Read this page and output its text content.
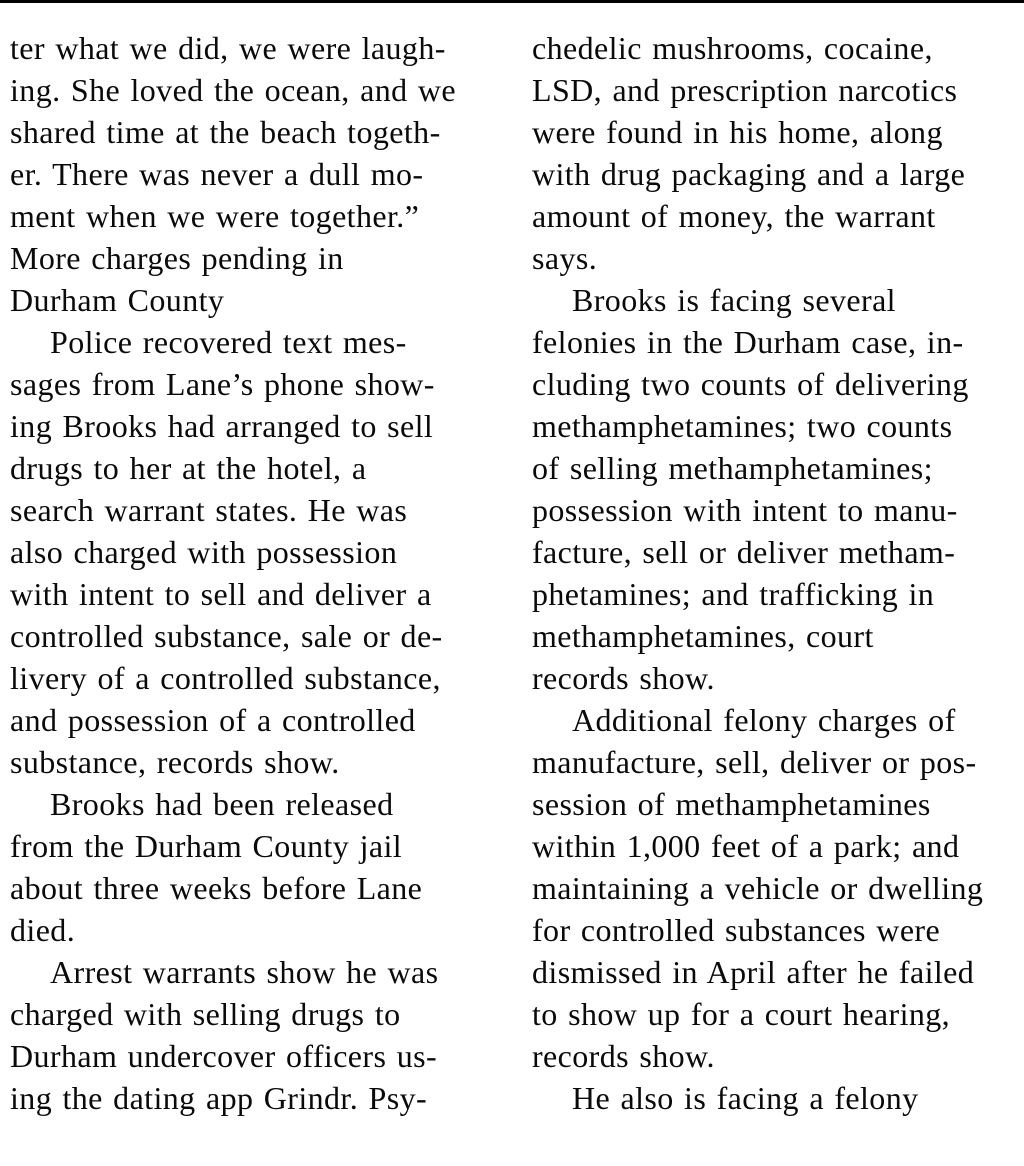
ter what we did, we were laugh-
ing. She loved the ocean, and we
shared time at the beach togeth-
er. There was never a dull mo-
ment when we were together.”
More charges pending in
Durham County
Police recovered text mes-
sages from Lane’s phone show-
ing Brooks had arranged to sell
drugs to her at the hotel, a
search warrant states. He was
also charged with possession
with intent to sell and deliver a
controlled substance, sale or de-
livery of a controlled substance,
and possession of a controlled
substance, records show.
Brooks had been released
from the Durham County jail
about three weeks before Lane
died.
Arrest warrants show he was
charged with selling drugs to
Durham undercover officers us-
ing the dating app Grindr. Psy-
chedelic mushrooms, cocaine,
LSD, and prescription narcotics
were found in his home, along
with drug packaging and a large
amount of money, the warrant
says.
Brooks is facing several
felonies in the Durham case, in-
cluding two counts of delivering
methamphetamines; two counts
of selling methamphetamines;
possession with intent to manu-
facture, sell or deliver metham-
phetamines; and trafficking in
methamphetamines, court
records show.
Additional felony charges of
manufacture, sell, deliver or pos-
session of methamphetamines
within 1,000 feet of a park; and
maintaining a vehicle or dwelling
for controlled substances were
dismissed in April after he failed
to show up for a court hearing,
records show.
He also is facing a felony
